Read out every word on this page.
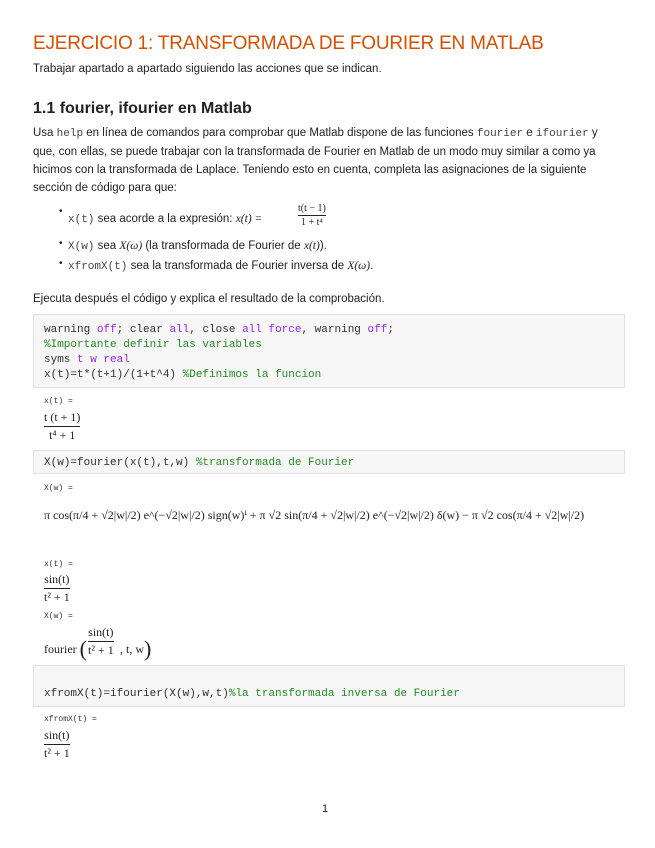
EJERCICIO 1: TRANSFORMADA DE FOURIER EN MATLAB
Trabajar apartado a apartado siguiendo las acciones que se indican.
1.1 fourier, ifourier en Matlab
Usa help en línea de comandos para comprobar que Matlab dispone de las funciones fourier e ifourier y que, con ellas, se puede trabajar con la transformada de Fourier en Matlab de un modo muy similar a como ya hicimos con la transformada de Laplace. Teniendo esto en cuenta, completa las asignaciones de la siguiente sección de código para que:
•
x(t) sea acorde a la expresión: x(t) =
t(t − 1)
1 + t⁴
• X(w) sea X(ω) (la transformada de Fourier de x(t)).
• xfromX(t) sea la transformada de Fourier inversa de X(ω).
Ejecuta después el código y explica el resultado de la comprobación.
warning off; clear all, close all force, warning off;
%Importante definir las variables
syms t w real
x(t)=t*(t+1)/(1+t^4) %Definimos la funcion
x(t) =
t (t + 1)
t⁴ + 1
X(w)=fourier(x(t),t,w) %transformada de Fourier
X(w) =
π cos(π/4 + √2|w|/2) e^(−√2|w|/2) sign(w)ⁱ + π √2 sin(π/4 + √2|w|/2) e^(−√2|w|/2) δ(w) − π √2 cos(π/4 + √2|w|/2)
x(t) =
sin(t)
t² + 1
X(w) =
fourier (
sin(t)
t² + 1 , t, w)
xfromX(t)=ifourier(X(w),w,t)%la transformada inversa de Fourier
xfromX(t) =
sin(t)
t² + 1
1
